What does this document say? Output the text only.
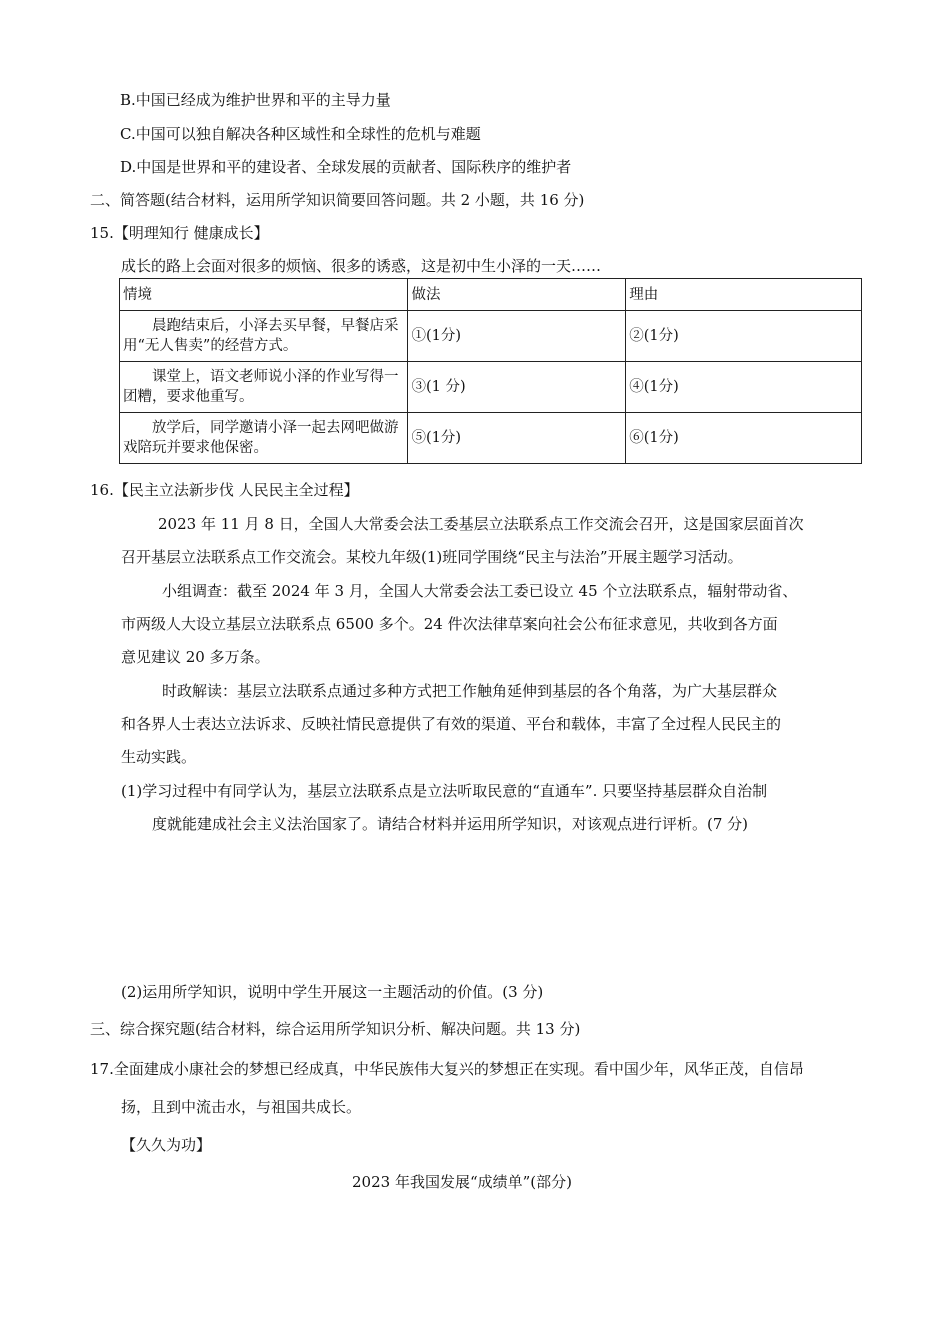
B.中国已经成为维护世界和平的主导力量
C.中国可以独自解决各种区域性和全球性的危机与难题
D.中国是世界和平的建设者、全球发展的贡献者、国际秩序的维护者
二、简答题(结合材料，运用所学知识简要回答问题。共 2 小题，共 16 分)
15.【明理知行 健康成长】
成长的路上会面对很多的烦恼、很多的诱惑，这是初中生小泽的一天……
情境	做法	理由
晨跑结束后，小泽去买早餐，早餐店采用“无人售卖”的经营方式。	①(1分)	②(1分)
课堂上，语文老师说小泽的作业写得一团糟，要求他重写。	③(1 分)	④(1分)
放学后，同学邀请小泽一起去网吧做游戏陪玩并要求他保密。	⑤(1分)	⑥(1分)
16.【民主立法新步伐 人民民主全过程】
2023 年 11 月 8 日，全国人大常委会法工委基层立法联系点工作交流会召开，这是国家层面首次
召开基层立法联系点工作交流会。某校九年级(1)班同学围绕“民主与法治”开展主题学习活动。
小组调查：截至 2024 年 3 月，全国人大常委会法工委已设立 45 个立法联系点，辐射带动省、
市两级人大设立基层立法联系点 6500 多个。24 件次法律草案向社会公布征求意见，共收到各方面
意见建议 20 多万条。
时政解读：基层立法联系点通过多种方式把工作触角延伸到基层的各个角落，为广大基层群众
和各界人士表达立法诉求、反映社情民意提供了有效的渠道、平台和载体，丰富了全过程人民民主的
生动实践。
(1)学习过程中有同学认为，基层立法联系点是立法听取民意的“直通车”. 只要坚持基层群众自治制
度就能建成社会主义法治国家了。请结合材料并运用所学知识，对该观点进行评析。(7 分)
(2)运用所学知识，说明中学生开展这一主题活动的价值。(3 分)
三、综合探究题(结合材料，综合运用所学知识分析、解决问题。共 13 分)
17.全面建成小康社会的梦想已经成真，中华民族伟大复兴的梦想正在实现。看中国少年，风华正茂，自信昂
扬，且到中流击水，与祖国共成长。
【久久为功】
2023 年我国发展“成绩单”(部分)
